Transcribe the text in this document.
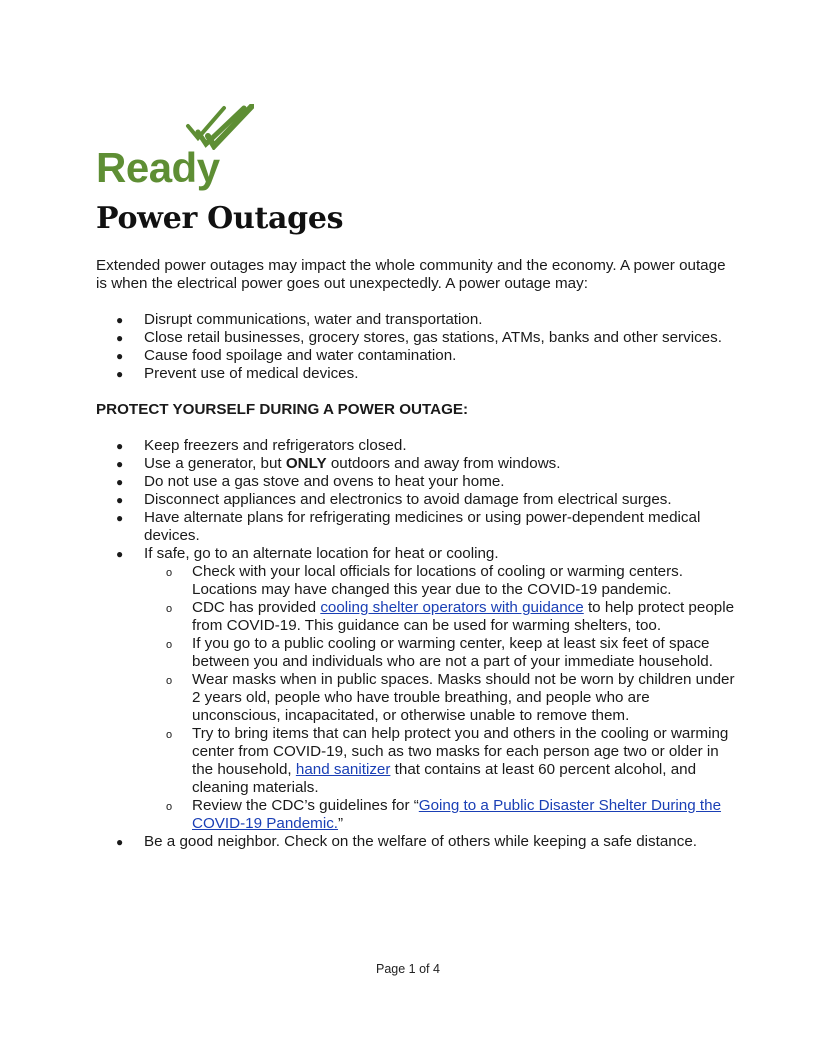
Ready
Power Outages

Extended power outages may impact the whole community and the economy. A power outage is when the electrical power goes out unexpectedly. A power outage may:

● Disrupt communications, water and transportation.
● Close retail businesses, grocery stores, gas stations, ATMs, banks and other services.
● Cause food spoilage and water contamination.
● Prevent use of medical devices.

PROTECT YOURSELF DURING A POWER OUTAGE:

● Keep freezers and refrigerators closed.
● Use a generator, but ONLY outdoors and away from windows.
● Do not use a gas stove and ovens to heat your home.
● Disconnect appliances and electronics to avoid damage from electrical surges.
● Have alternate plans for refrigerating medicines or using power-dependent medical devices.
● If safe, go to an alternate location for heat or cooling.
o Check with your local officials for locations of cooling or warming centers. Locations may have changed this year due to the COVID-19 pandemic.
o CDC has provided cooling shelter operators with guidance to help protect people from COVID-19. This guidance can be used for warming shelters, too.
o If you go to a public cooling or warming center, keep at least six feet of space between you and individuals who are not a part of your immediate household.
o Wear masks when in public spaces. Masks should not be worn by children under 2 years old, people who have trouble breathing, and people who are unconscious, incapacitated, or otherwise unable to remove them.
o Try to bring items that can help protect you and others in the cooling or warming center from COVID-19, such as two masks for each person age two or older in the household, hand sanitizer that contains at least 60 percent alcohol, and cleaning materials.
o Review the CDC’s guidelines for “Going to a Public Disaster Shelter During the COVID-19 Pandemic.”
● Be a good neighbor. Check on the welfare of others while keeping a safe distance.
Page 1 of 4
